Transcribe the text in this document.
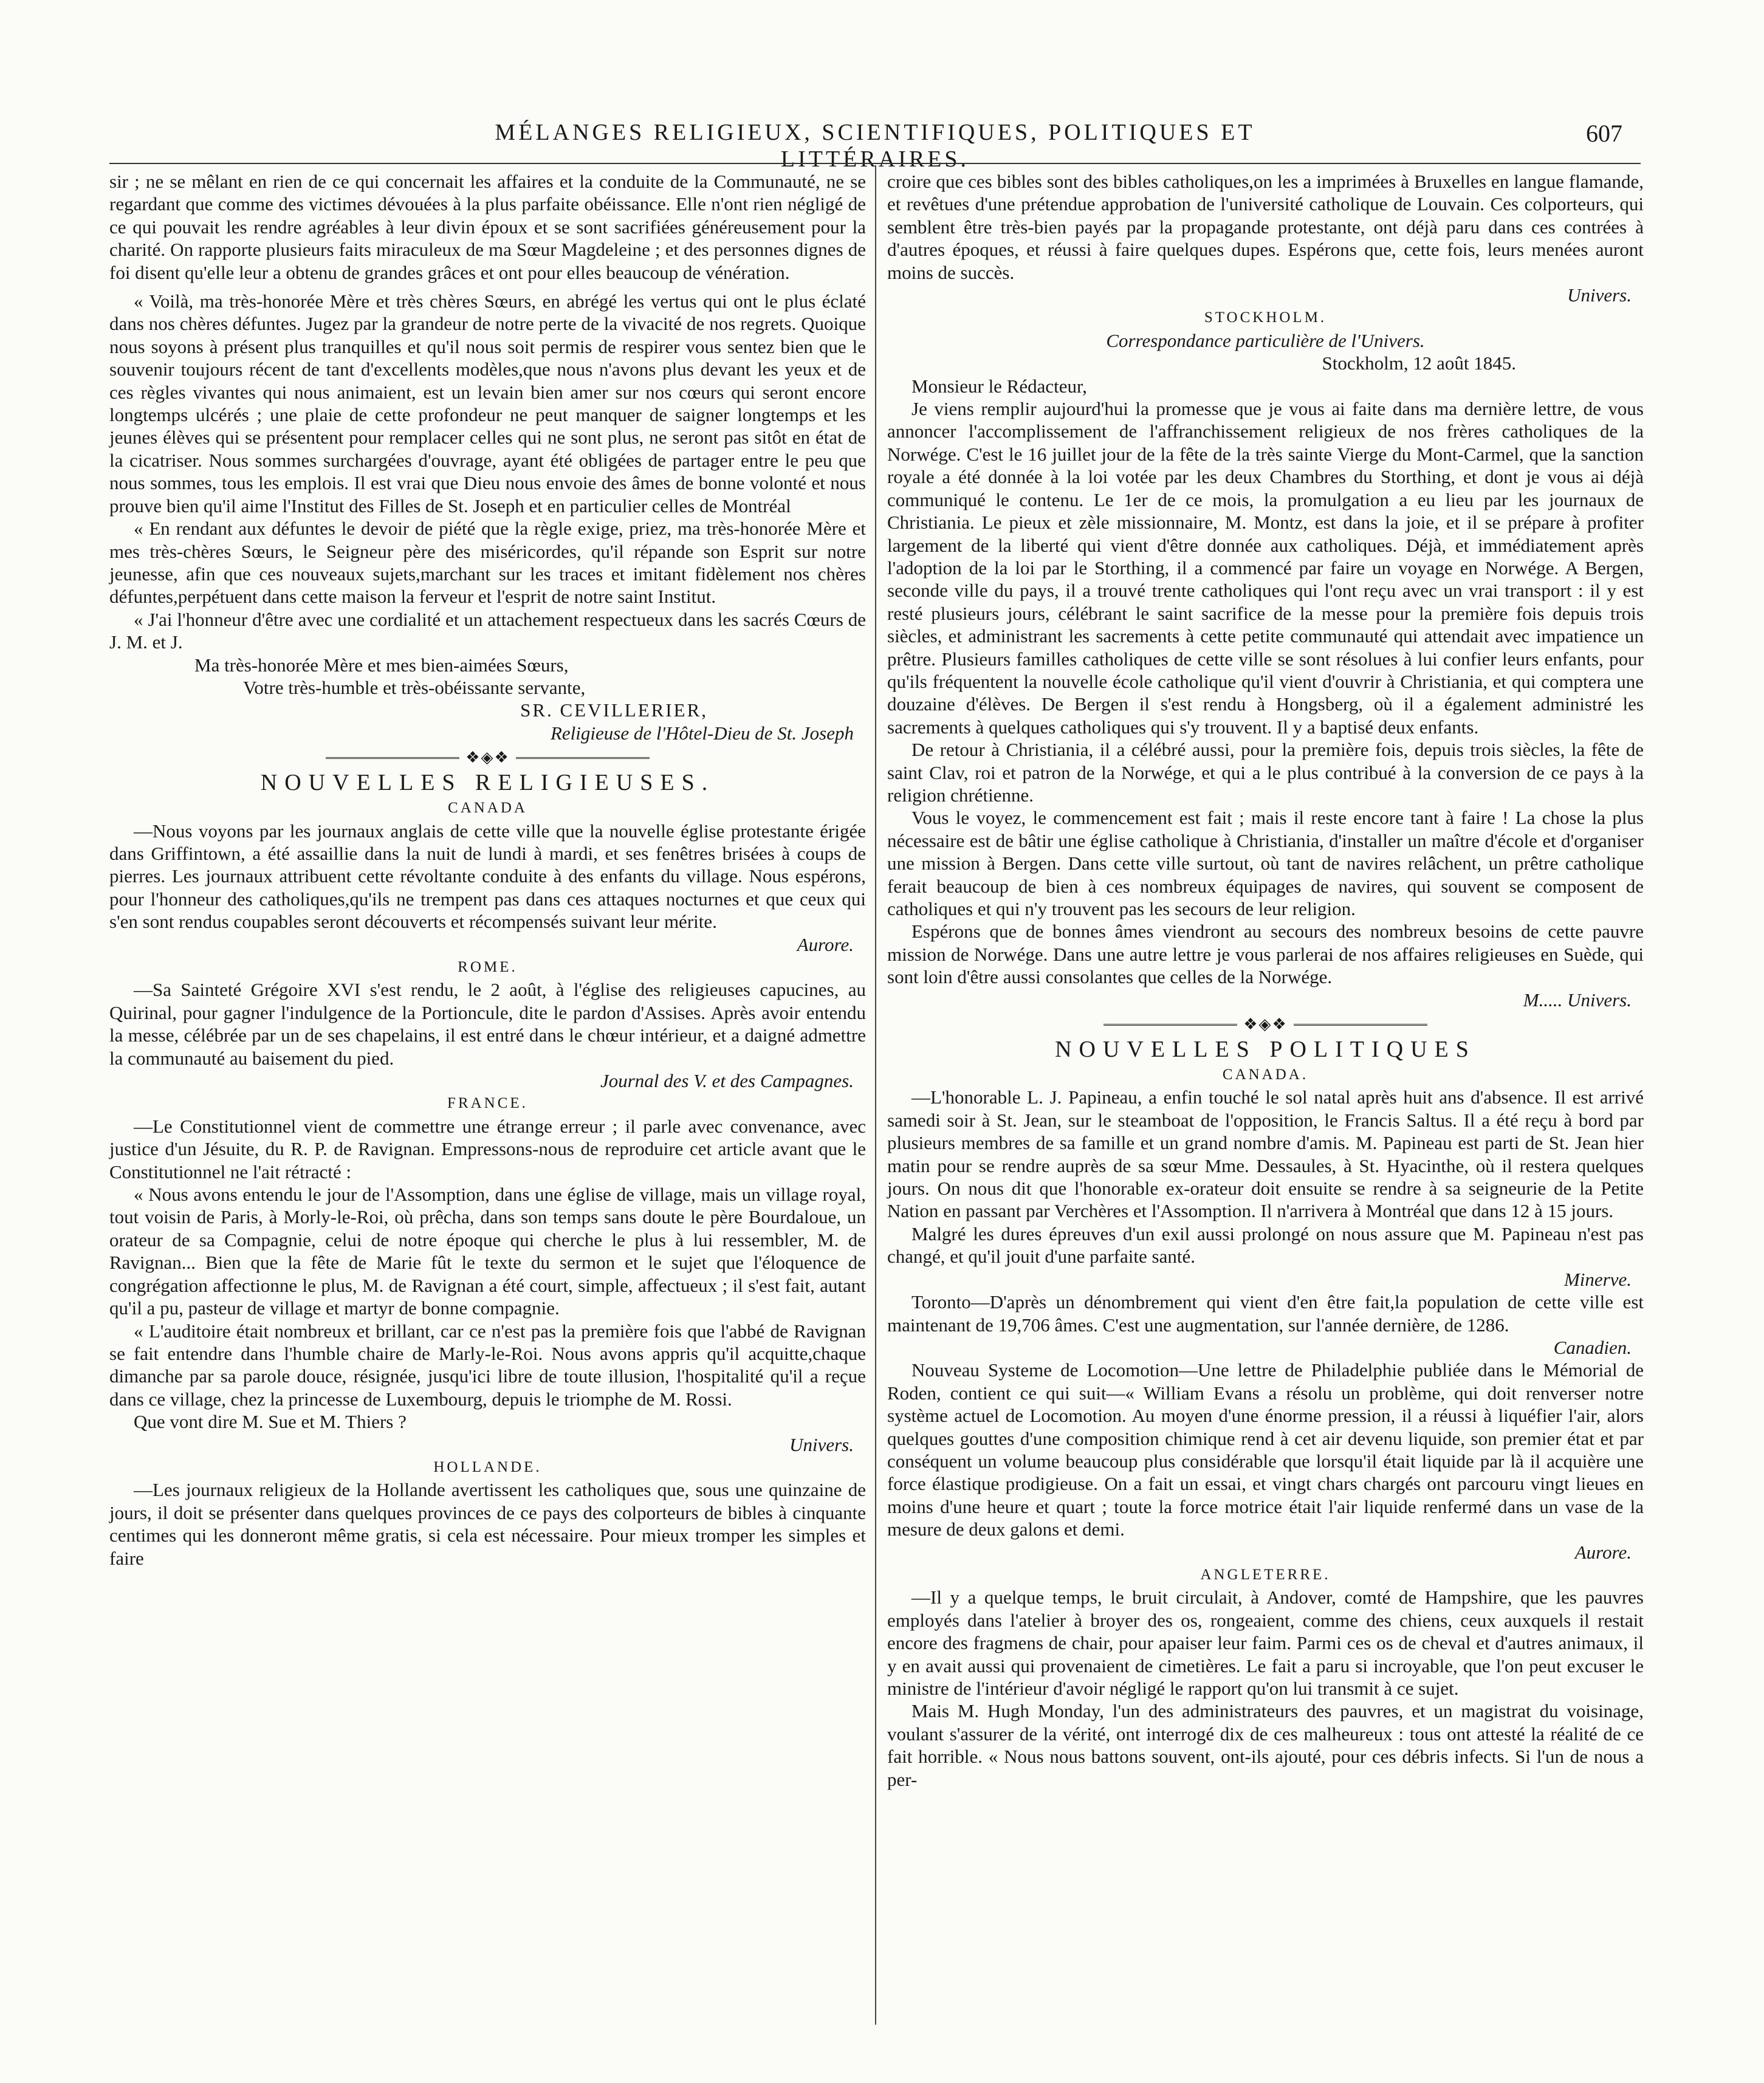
MÉLANGES RELIGIEUX, SCIENTIFIQUES, POLITIQUES ET LITTÉRAIRES.
607

sir ; ne se mêlant en rien de ce qui concernait les affaires et la conduite de la Communauté, ne se regardant que comme des victimes dévouées à la plus parfaite obéissance. Elle n'ont rien négligé de ce qui pouvait les rendre agréables à leur divin époux et se sont sacrifiées généreusement pour la charité. On rapporte plusieurs faits miraculeux de ma Sœur Magdeleine ; et des personnes dignes de foi disent qu'elle leur a obtenu de grandes grâces et ont pour elles beaucoup de vénération.

« Voilà, ma très-honorée Mère et très chères Sœurs, en abrégé les vertus qui ont le plus éclaté dans nos chères défuntes. Jugez par la grandeur de notre perte de la vivacité de nos regrets. Quoique nous soyons à présent plus tranquilles et qu'il nous soit permis de respirer vous sentez bien que le souvenir toujours récent de tant d'excellents modèles,que nous n'avons plus devant les yeux et de ces règles vivantes qui nous animaient, est un levain bien amer sur nos cœurs qui seront encore longtemps ulcérés ; une plaie de cette profondeur ne peut manquer de saigner longtemps et les jeunes élèves qui se présentent pour remplacer celles qui ne sont plus, ne seront pas sitôt en état de la cicatriser. Nous sommes surchargées d'ouvrage, ayant été obligées de partager entre le peu que nous sommes, tous les emplois. Il est vrai que Dieu nous envoie des âmes de bonne volonté et nous prouve bien qu'il aime l'Institut des Filles de St. Joseph et en particulier celles de Montréal

« En rendant aux défuntes le devoir de piété que la règle exige, priez, ma très-honorée Mère et mes très-chères Sœurs, le Seigneur père des miséricordes, qu'il répande son Esprit sur notre jeunesse, afin que ces nouveaux sujets,marchant sur les traces et imitant fidèlement nos chères défuntes,perpétuent dans cette maison la ferveur et l'esprit de notre saint Institut.

« J'ai l'honneur d'être avec une cordialité et un attachement respectueux dans les sacrés Cœurs de J. M. et J.

Ma très-honorée Mère et mes bien-aimées Sœurs,
Votre très-humble et très-obéissante servante,
SR. CEVILLERIER,
Religieuse de l'Hôtel-Dieu de St. Joseph
❖◈❖
NOUVELLES RELIGIEUSES.
CANADA

—Nous voyons par les journaux anglais de cette ville que la nouvelle église protestante érigée dans Griffintown, a été assaillie dans la nuit de lundi à mardi, et ses fenêtres brisées à coups de pierres. Les journaux attribuent cette révoltante conduite à des enfants du village. Nous espérons, pour l'honneur des catholiques,qu'ils ne trempent pas dans ces attaques nocturnes et que ceux qui s'en sont rendus coupables seront découverts et récompensés suivant leur mérite.

Aurore.
ROME.

—Sa Sainteté Grégoire XVI s'est rendu, le 2 août, à l'église des religieuses capucines, au Quirinal, pour gagner l'indulgence de la Portioncule, dite le pardon d'Assises. Après avoir entendu la messe, célébrée par un de ses chapelains, il est entré dans le chœur intérieur, et a daigné admettre la communauté au baisement du pied.

Journal des V. et des Campagnes.
FRANCE.

—Le Constitutionnel vient de commettre une étrange erreur ; il parle avec convenance, avec justice d'un Jésuite, du R. P. de Ravignan. Empressons-nous de reproduire cet article avant que le Constitutionnel ne l'ait rétracté :

« Nous avons entendu le jour de l'Assomption, dans une église de village, mais un village royal, tout voisin de Paris, à Morly-le-Roi, où prêcha, dans son temps sans doute le père Bourdaloue, un orateur de sa Compagnie, celui de notre époque qui cherche le plus à lui ressembler, M. de Ravignan... Bien que la fête de Marie fût le texte du sermon et le sujet que l'éloquence de congrégation affectionne le plus, M. de Ravignan a été court, simple, affectueux ; il s'est fait, autant qu'il a pu, pasteur de village et martyr de bonne compagnie.

« L'auditoire était nombreux et brillant, car ce n'est pas la première fois que l'abbé de Ravignan se fait entendre dans l'humble chaire de Marly-le-Roi. Nous avons appris qu'il acquitte,chaque dimanche par sa parole douce, résignée, jusqu'ici libre de toute illusion, l'hospitalité qu'il a reçue dans ce village, chez la princesse de Luxembourg, depuis le triomphe de M. Rossi.

Que vont dire M. Sue et M. Thiers ?

Univers.
HOLLANDE.

—Les journaux religieux de la Hollande avertissent les catholiques que, sous une quinzaine de jours, il doit se présenter dans quelques provinces de ce pays des colporteurs de bibles à cinquante centimes qui les donneront même gratis, si cela est nécessaire. Pour mieux tromper les simples et faire

croire que ces bibles sont des bibles catholiques,on les a imprimées à Bruxelles en langue flamande, et revêtues d'une prétendue approbation de l'université catholique de Louvain. Ces colporteurs, qui semblent être très-bien payés par la propagande protestante, ont déjà paru dans ces contrées à d'autres époques, et réussi à faire quelques dupes. Espérons que, cette fois, leurs menées auront moins de succès.

Univers.
STOCKHOLM.
Correspondance particulière de l'Univers.
Stockholm, 12 août 1845.

Monsieur le Rédacteur,

Je viens remplir aujourd'hui la promesse que je vous ai faite dans ma dernière lettre, de vous annoncer l'accomplissement de l'affranchissement religieux de nos frères catholiques de la Norwége. C'est le 16 juillet jour de la fête de la très sainte Vierge du Mont-Carmel, que la sanction royale a été donnée à la loi votée par les deux Chambres du Storthing, et dont je vous ai déjà communiqué le contenu. Le 1er de ce mois, la promulgation a eu lieu par les journaux de Christiania. Le pieux et zèle missionnaire, M. Montz, est dans la joie, et il se prépare à profiter largement de la liberté qui vient d'être donnée aux catholiques. Déjà, et immédiatement après l'adoption de la loi par le Storthing, il a commencé par faire un voyage en Norwége. A Bergen, seconde ville du pays, il a trouvé trente catholiques qui l'ont reçu avec un vrai transport : il y est resté plusieurs jours, célébrant le saint sacrifice de la messe pour la première fois depuis trois siècles, et administrant les sacrements à cette petite communauté qui attendait avec impatience un prêtre. Plusieurs familles catholiques de cette ville se sont résolues à lui confier leurs enfants, pour qu'ils fréquentent la nouvelle école catholique qu'il vient d'ouvrir à Christiania, et qui comptera une douzaine d'élèves. De Bergen il s'est rendu à Hongsberg, où il a également administré les sacrements à quelques catholiques qui s'y trouvent. Il y a baptisé deux enfants.

De retour à Christiania, il a célébré aussi, pour la première fois, depuis trois siècles, la fête de saint Clav, roi et patron de la Norwége, et qui a le plus contribué à la conversion de ce pays à la religion chrétienne.

Vous le voyez, le commencement est fait ; mais il reste encore tant à faire ! La chose la plus nécessaire est de bâtir une église catholique à Christiania, d'installer un maître d'école et d'organiser une mission à Bergen. Dans cette ville surtout, où tant de navires relâchent, un prêtre catholique ferait beaucoup de bien à ces nombreux équipages de navires, qui souvent se composent de catholiques et qui n'y trouvent pas les secours de leur religion.

Espérons que de bonnes âmes viendront au secours des nombreux besoins de cette pauvre mission de Norwége. Dans une autre lettre je vous parlerai de nos affaires religieuses en Suède, qui sont loin d'être aussi consolantes que celles de la Norwége.

M..... Univers.
❖◈❖
NOUVELLES POLITIQUES
CANADA.

—L'honorable L. J. Papineau, a enfin touché le sol natal après huit ans d'absence. Il est arrivé samedi soir à St. Jean, sur le steamboat de l'opposition, le Francis Saltus. Il a été reçu à bord par plusieurs membres de sa famille et un grand nombre d'amis. M. Papineau est parti de St. Jean hier matin pour se rendre auprès de sa sœur Mme. Dessaules, à St. Hyacinthe, où il restera quelques jours. On nous dit que l'honorable ex-orateur doit ensuite se rendre à sa seigneurie de la Petite Nation en passant par Verchères et l'Assomption. Il n'arrivera à Montréal que dans 12 à 15 jours.

Malgré les dures épreuves d'un exil aussi prolongé on nous assure que M. Papineau n'est pas changé, et qu'il jouit d'une parfaite santé.

Minerve.

Toronto—D'après un dénombrement qui vient d'en être fait,la population de cette ville est maintenant de 19,706 âmes. C'est une augmentation, sur l'année dernière, de 1286.

Canadien.

Nouveau Systeme de Locomotion—Une lettre de Philadelphie publiée dans le Mémorial de Roden, contient ce qui suit—« William Evans a résolu un problème, qui doit renverser notre système actuel de Locomotion. Au moyen d'une énorme pression, il a réussi à liquéfier l'air, alors quelques gouttes d'une composition chimique rend à cet air devenu liquide, son premier état et par conséquent un volume beaucoup plus considérable que lorsqu'il était liquide par là il acquière une force élastique prodigieuse. On a fait un essai, et vingt chars chargés ont parcouru vingt lieues en moins d'une heure et quart ; toute la force motrice était l'air liquide renfermé dans un vase de la mesure de deux galons et demi.

Aurore.
ANGLETERRE.

—Il y a quelque temps, le bruit circulait, à Andover, comté de Hampshire, que les pauvres employés dans l'atelier à broyer des os, rongeaient, comme des chiens, ceux auxquels il restait encore des fragmens de chair, pour apaiser leur faim. Parmi ces os de cheval et d'autres animaux, il y en avait aussi qui provenaient de cimetières. Le fait a paru si incroyable, que l'on peut excuser le ministre de l'intérieur d'avoir négligé le rapport qu'on lui transmit à ce sujet.

Mais M. Hugh Monday, l'un des administrateurs des pauvres, et un magistrat du voisinage, voulant s'assurer de la vérité, ont interrogé dix de ces malheureux : tous ont attesté la réalité de ce fait horrible. « Nous nous battons souvent, ont-ils ajouté, pour ces débris infects. Si l'un de nous a per-
